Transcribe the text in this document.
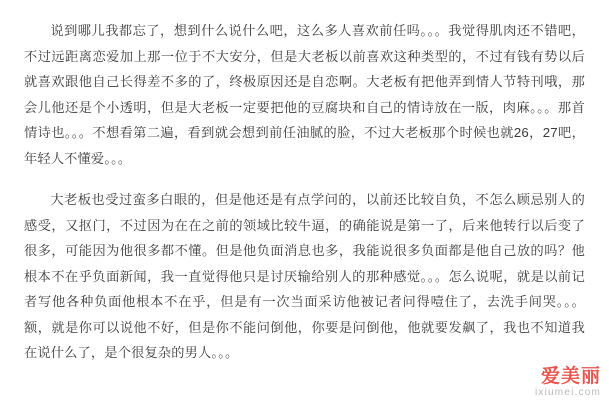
说到哪儿我都忘了，想到什么说什么吧，这么多人喜欢前任吗。。。我觉得肌肉还不错吧，不过远距离恋爱加上那一位于不大安分，但是大老板以前喜欢这种类型的，不过有钱有势以后就喜欢跟他自己长得差不多的了，终极原因还是自恋啊。大老板有把他弄到情人节特刊哦，那会儿他还是个小透明，但是大老板一定要把他的豆腐块和自己的情诗放在一版，肉麻。。。那首情诗也。。。不想看第二遍，看到就会想到前任油腻的脸，不过大老板那个时候也就26，27吧，年轻人不懂爱。。。

大老板也受过蛮多白眼的，但是他还是有点学问的，以前还比较自负，不怎么顾忌别人的感受，又抠门，不过因为在在之前的领域比较牛逼，的确能说是第一了，后来他转行以后变了很多，可能因为他很多都不懂。但是他负面消息也多，我能说很多负面都是他自己放的吗？他根本不在乎负面新闻，我一直觉得他只是讨厌输给别人的那种感觉。。。怎么说呢，就是以前记者写他各种负面他根本不在乎，但是有一次当面采访他被记者问得噎住了，去洗手间哭。。。额，就是你可以说他不好，但是你不能问倒他，你要是问倒他，他就要发飙了，我也不知道我在说什么了，是个很复杂的男人。。。

爱美丽
ixiumei.com
